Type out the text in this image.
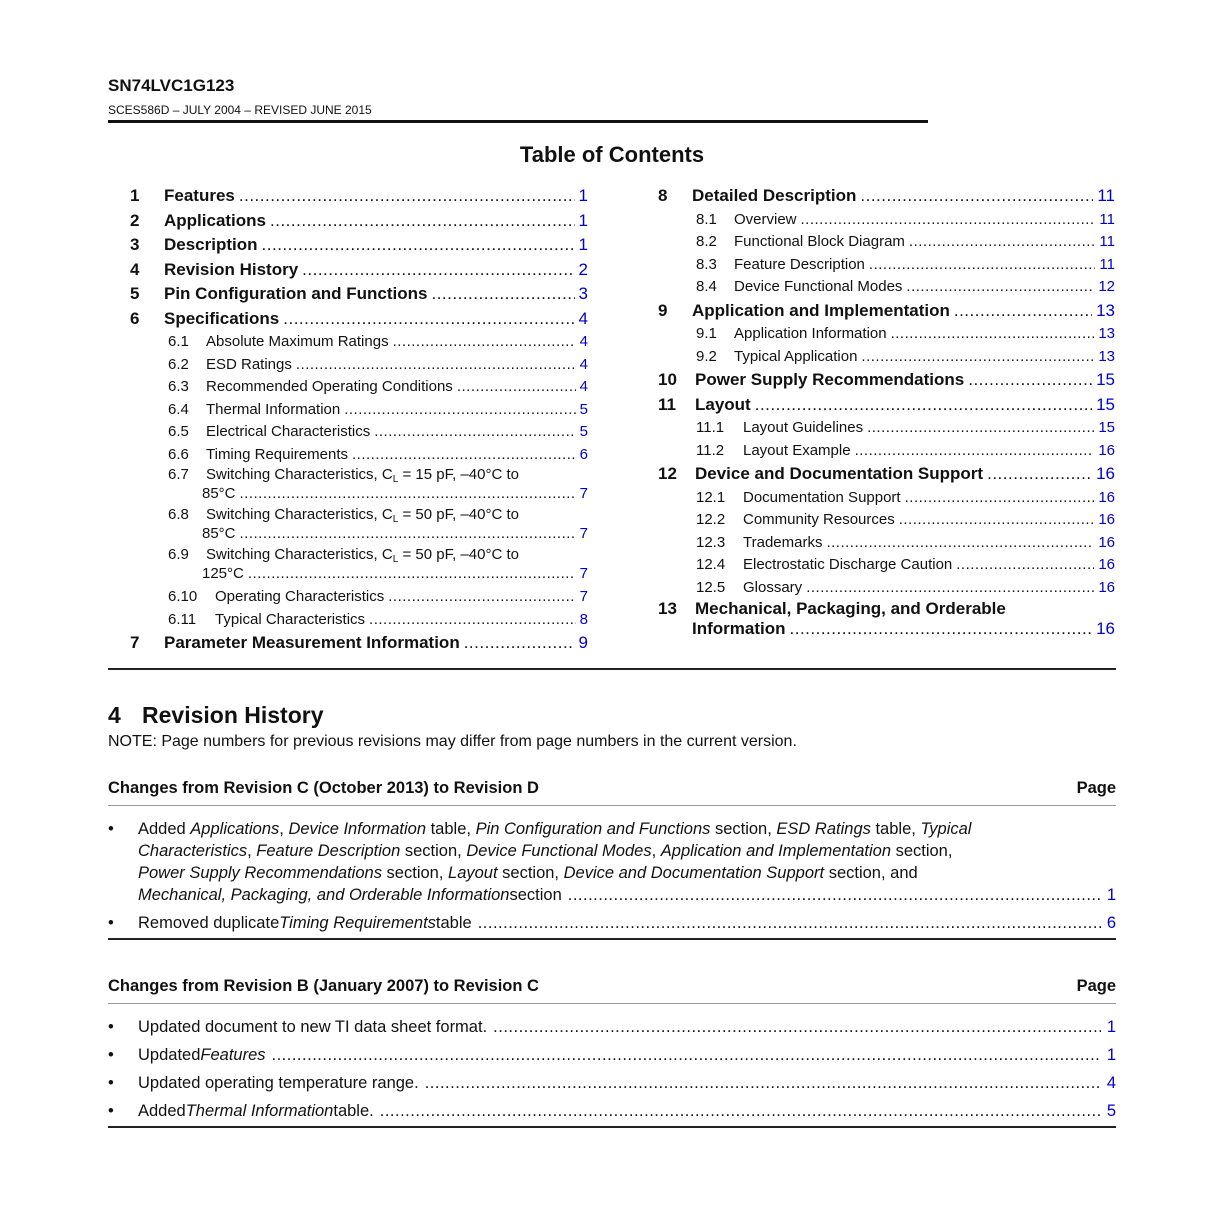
SN74LVC1G123
SCES586D – JULY 2004 – REVISED JUNE 2015
Table of Contents
1	Features .....	1
2	Applications .....	1
3	Description .....	1
4	Revision History .....	2
5	Pin Configuration and Functions .....	3
6	Specifications .....	4
6.1	Absolute Maximum Ratings .....	4
6.2	ESD Ratings .....	4
6.3	Recommended Operating Conditions .....	4
6.4	Thermal Information .....	5
6.5	Electrical Characteristics .....	5
6.6	Timing Requirements .....	6
6.7 Switching Characteristics, $C_L = 15$ pF, –40°C to
85°C .....	7
6.8 Switching Characteristics, $C_L = 50$ pF, –40°C to
85°C .....	7
6.9 Switching Characteristics, $C_L = 50$ pF, –40°C to
125°C .....	7
6.10	Operating Characteristics .....	7
6.11	Typical Characteristics .....	8
7	Parameter Measurement Information .....	9
8	Detailed Description .....	11
8.1	Overview .....	11
8.2	Functional Block Diagram .....	11
8.3	Feature Description .....	11
8.4	Device Functional Modes .....	12
9	Application and Implementation .....	13
9.1	Application Information .....	13
9.2	Typical Application .....	13
10	Power Supply Recommendations .....	15
11	Layout .....	15
11.1	Layout Guidelines .....	15
11.2	Layout Example .....	16
12	Device and Documentation Support .....	16
12.1	Documentation Support .....	16
12.2	Community Resources .....	16
12.3	Trademarks .....	16
12.4	Electrostatic Discharge Caution .....	16
12.5	Glossary .....	16
13 Mechanical, Packaging, and Orderable
Information .....	16
4 Revision History
NOTE: Page numbers for previous revisions may differ from page numbers in the current version.
Changes from Revision C (October 2013) to Revision D	Page
• Added Applications, Device Information table, Pin Configuration and Functions section, ESD Ratings table, Typical
Characteristics, Feature Description section, Device Functional Modes, Application and Implementation section,
Power Supply Recommendations section, Layout section, Device and Documentation Support section, and
Mechanical, Packaging, and Orderable Information section .....	1
• Removed duplicate Timing Requirements table .....	6
Changes from Revision B (January 2007) to Revision C	Page
• Updated document to new TI data sheet format. .....	1
• Updated Features .....	1
• Updated operating temperature range. .....	4
• Added Thermal Information table. .....	5
